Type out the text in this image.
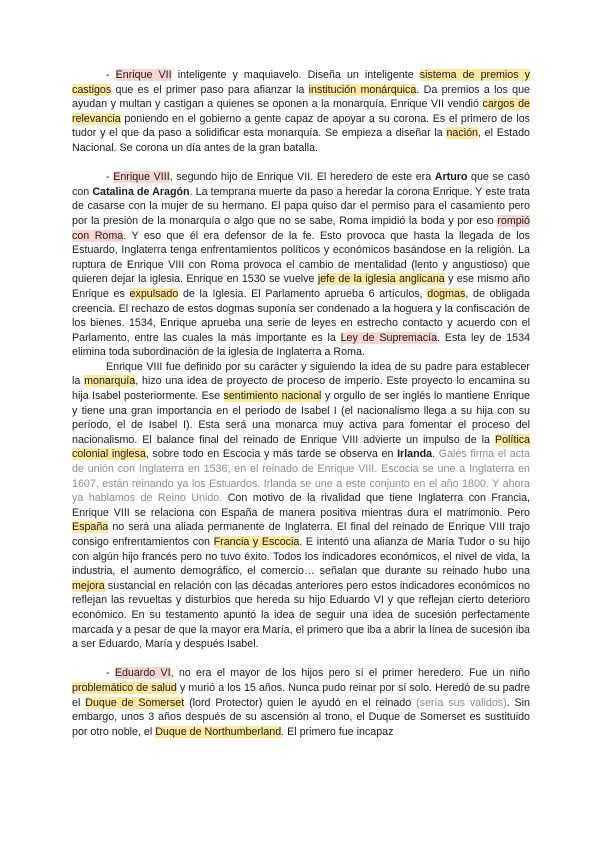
- Enrique VII inteligente y maquiavelo. Diseña un inteligente sistema de premios y castigos que es el primer paso para afianzar la institución monárquica. Da premios a los que ayudan y multan y castigan a quienes se oponen a la monarquía. Enrique VII vendió cargos de relevancia poniendo en el gobierno a gente capaz de apoyar a su corona. Es el primero de los tudor y el que da paso a solidificar esta monarquía. Se empieza a diseñar la nación, el Estado Nacional. Se corona un día antes de la gran batalla.

- Enrique VIII, segundo hijo de Enrique VII. El heredero de este era Arturo que se casó con Catalina de Aragón. La temprana muerte da paso a heredar la corona Enrique. Y este trata de casarse con la mujer de su hermano. El papa quiso dar el permiso para el casamiento pero por la presión de la monarquía o algo que no se sabe, Roma impidió la boda y por eso rompió con Roma. Y eso que él era defensor de la fe. Esto provoca que hasta la llegada de los Estuardo, Inglaterra tenga enfrentamientos políticos y económicos basándose en la religión. La ruptura de Enrique VIII con Roma provoca el cambio de mentalidad (lento y angustioso) que quieren dejar la iglesia. Enrique en 1530 se vuelve jefe de la iglesia anglicana y ese mismo año Enrique es expulsado de la Iglesia. El Parlamento aprueba 6 artículos, dogmas, de obligada creencia. El rechazo de estos dogmas suponía ser condenado a la hoguera y la confiscación de los bienes. 1534, Enrique aprueba una serie de leyes en estrecho contacto y acuerdo con el Parlamento, entre las cuales la más importante es la Ley de Supremacía. Esta ley de 1534 elimina toda subordinación de la iglesia de Inglaterra a Roma.

Enrique VIII fue definido por su carácter y siguiendo la idea de su padre para establecer la monarquía, hizo una idea de proyecto de proceso de imperio. Este proyecto lo encamina su hija Isabel posteriormente. Ese sentimiento nacional y orgullo de ser inglés lo mantiene Enrique y tiene una gran importancia en el periodo de Isabel I (el nacionalismo llega a su hija con su período, el de Isabel I). Esta será una monarca muy activa para fomentar el proceso del nacionalismo. El balance final del reinado de Enrique VIII advierte un impulso de la Política colonial inglesa, sobre todo en Escocia y más tarde se observa en Irlanda. Galés firma el acta de unión con Inglaterra en 1536, en el reinado de Enrique VIII. Escocia se une a Inglaterra en 1607, están reinando ya los Estuardos. Irlanda se une a este conjunto en el año 1800. Y ahora ya hablamos de Reino Unido. Con motivo de la rivalidad que tiene Inglaterra con Francia, Enrique VIII se relaciona con España de manera positiva mientras dura el matrimonio. Pero España no será una aliada permanente de Inglaterra. El final del reinado de Enrique VIII trajo consigo enfrentamientos con Francia y Escocia. E intentó una alianza de María Tudor o su hijo con algún hijo francés pero no tuvo éxito. Todos los indicadores económicos, el nivel de vida, la industria, el aumento demográfico, el comercio… señalan que durante su reinado hubo una mejora sustancial en relación con las décadas anteriores pero estos indicadores económicos no reflejan las revueltas y disturbios que hereda su hijo Eduardo VI y que reflejan cierto deterioro económico. En su testamento apuntó la idea de seguir una idea de sucesión perfectamente marcada y a pesar de que la mayor era María, el primero que iba a abrir la línea de sucesión iba a ser Eduardo, María y después Isabel.

- Eduardo VI, no era el mayor de los hijos pero sí el primer heredero. Fue un niño problemático de salud y murió a los 15 años. Nunca pudo reinar por sí solo. Heredó de su padre el Duque de Somerset (lord Protector) quien le ayudó en el reinado (sería sus validos). Sin embargo, unos 3 años después de su ascensión al trono, el Duque de Somerset es sustituido por otro noble, el Duque de Northumberland. El primero fue incapaz
